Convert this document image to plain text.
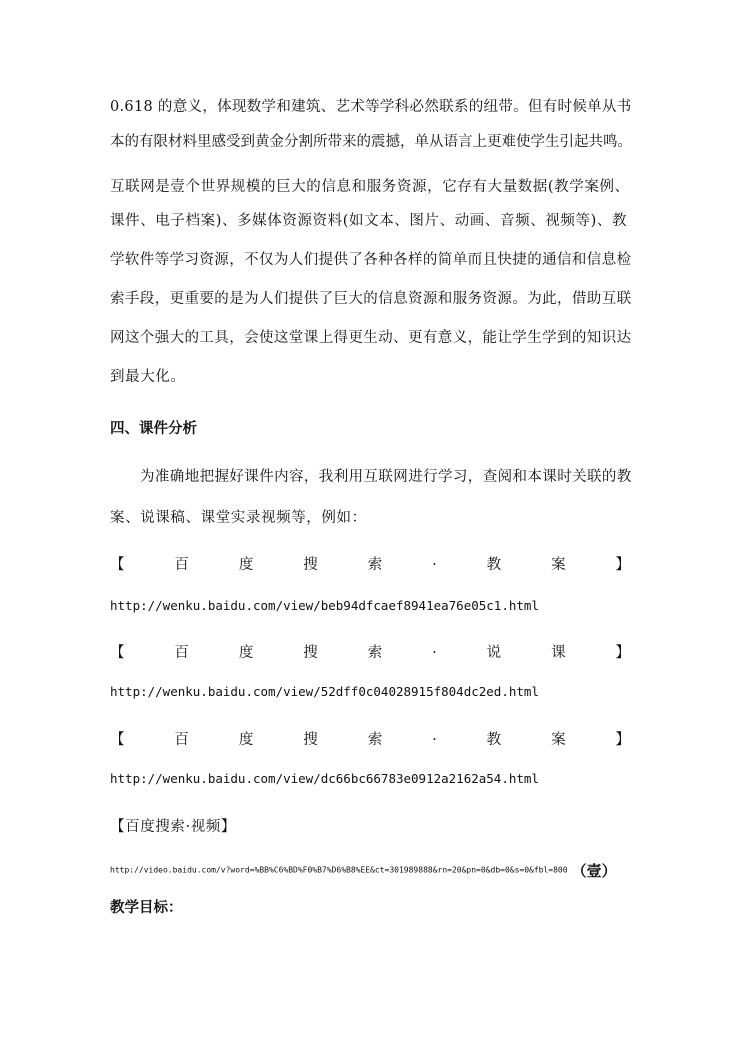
0.618 的意义，体现数学和建筑、艺术等学科必然联系的纽带。但有时候单从书
本的有限材料里感受到黄金分割所带来的震撼，单从语言上更难使学生引起共鸣。
互联网是壹个世界规模的巨大的信息和服务资源，它存有大量数据(教学案例、
课件、电子档案)、多媒体资源资料(如文本、图片、动画、音频、视频等)、教
学软件等学习资源，不仅为人们提供了各种各样的简单而且快捷的通信和信息检
索手段，更重要的是为人们提供了巨大的信息资源和服务资源。为此，借助互联
网这个强大的工具，会使这堂课上得更生动、更有意义，能让学生学到的知识达
到最大化。
四、课件分析
为准确地把握好课件内容，我利用互联网进行学习，查阅和本课时关联的教
案、说课稿、课堂实录视频等，例如：
【	百	度	搜	索	·	教	案	】
http://wenku.baidu.com/view/beb94dfcaef8941ea76e05c1.html
【	百	度	搜	索	·	说	课	】
http://wenku.baidu.com/view/52dff0c04028915f804dc2ed.html
【	百	度	搜	索	·	教	案	】
http://wenku.baidu.com/view/dc66bc66783e0912a2162a54.html
【百度搜索·视频】
http://video.baidu.com/v?word=%BB%C6%BD%F0%B7%D6%B8%EE&ct=301989888&rn=20&pn=0&db=0&s=0&fbl=800 （壹）
教学目标：
